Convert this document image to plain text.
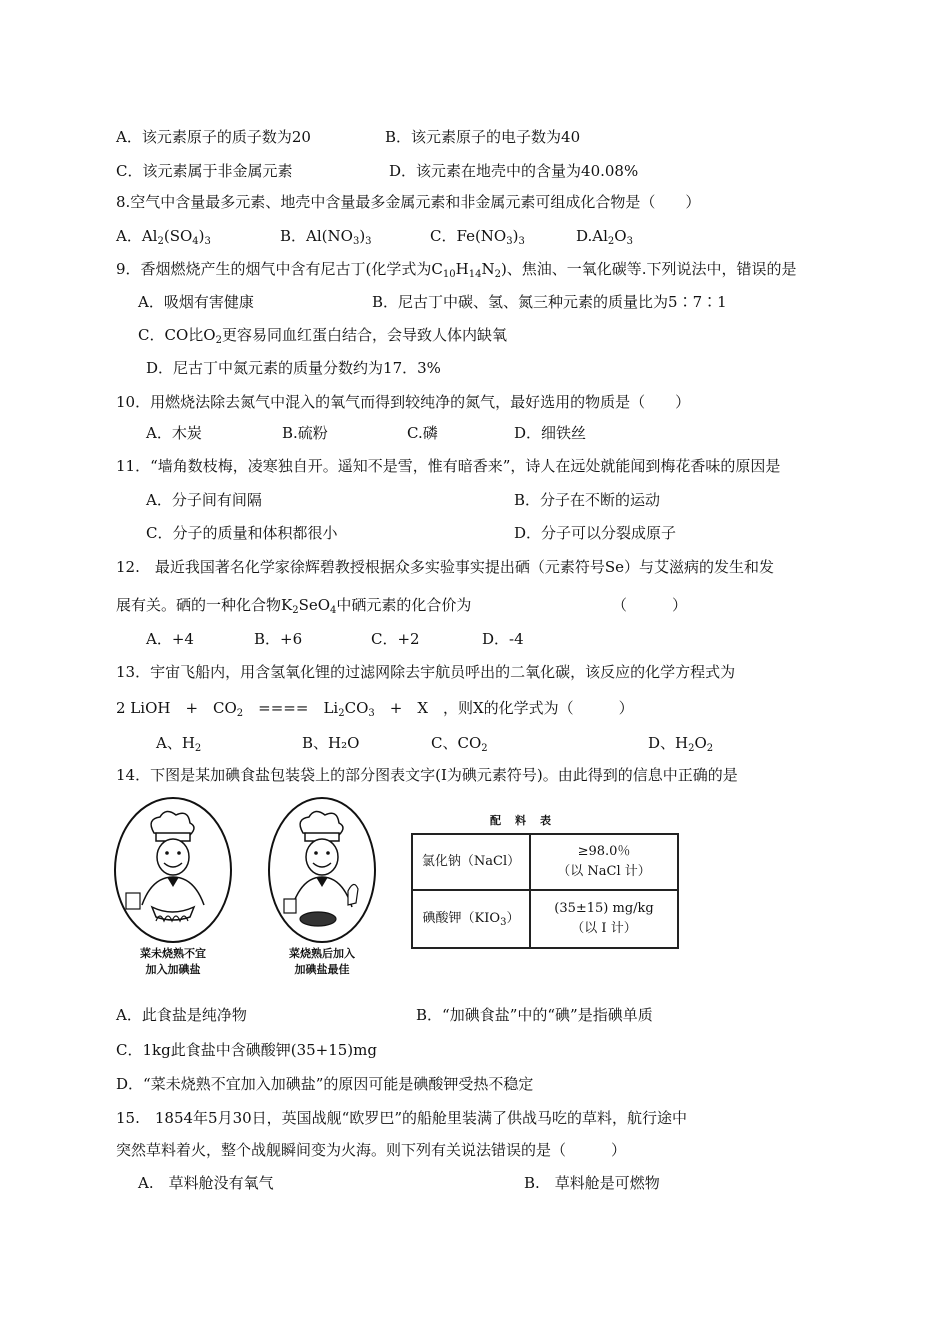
A．该元素原子的质子数为20	B．该元素原子的电子数为40
C．该元素属于非金属元素	D．该元素在地壳中的含量为40.08%
8.空气中含量最多元素、地壳中含量最多金属元素和非金属元素可组成化合物是（　　）
A．$Al_2(SO_4)_3$	B．$Al(NO_3)_3$	C．$Fe(NO_3)_3$	$D.Al_2O_3$
9．香烟燃烧产生的烟气中含有尼古丁(化学式为$C_{10}H_{14}N_2$)、焦油、一氧化碳等.下列说法中，错误的是
A．吸烟有害健康	B．尼古丁中碳、氢、氮三种元素的质量比为5∶7∶1
C．CO比$O_2$更容易同血红蛋白结合，会导致人体内缺氧
D．尼古丁中氮元素的质量分数约为17．3%
10．用燃烧法除去氮气中混入的氧气而得到较纯净的氮气，最好选用的物质是（　　）
A．木炭	B.硫粉	C.磷	D．细铁丝
11．“墙角数枝梅，凌寒独自开。遥知不是雪，惟有暗香来”，诗人在远处就能闻到梅花香味的原因是
A．分子间有间隔	B．分子在不断的运动
C．分子的质量和体积都很小	D．分子可以分裂成原子
12.　最近我国著名化学家徐辉碧教授根据众多实验事实提出硒（元素符号Se）与艾滋病的发生和发
展有关。硒的一种化合物$K_2SeO_4$中硒元素的化合价为	（　　　）
A．+4	B．+6	C．+2	D．-4
13．宇宙飞船内，用含氢氧化锂的过滤网除去宇航员呼出的二氧化碳，该反应的化学方程式为
2 LiOH　+　$CO_2$　====　$Li_2CO_3$　+　X　，则X的化学式为（　　　）
A、$H_2$	B、H₂O	C、$CO_2$	D、$H_2O_2$
14．下图是某加碘食盐包装袋上的部分图表文字(I为碘元素符号)。由此得到的信息中正确的是
菜未烧熟不宜
加入加碘盐
菜烧熟后加入
加碘盐最佳
配料表
氯化钠（NaCl）	≥98.0％
（以 NaCl 计）

碘酸钾$(KIO_3)$	(35±15) mg/kg
（以 I 计）
A．此食盐是纯净物	B．“加碘食盐”中的“碘”是指碘单质
C．1kg此食盐中含碘酸钾(35+15)mg
D．“菜未烧熟不宜加入加碘盐”的原因可能是碘酸钾受热不稳定
15.　1854年5月30日，英国战舰“欧罗巴”的船舱里装满了供战马吃的草料，航行途中
突然草料着火，整个战舰瞬间变为火海。则下列有关说法错误的是（　　　）
A.　草料舱没有氧气	B.　草料舱是可燃物
